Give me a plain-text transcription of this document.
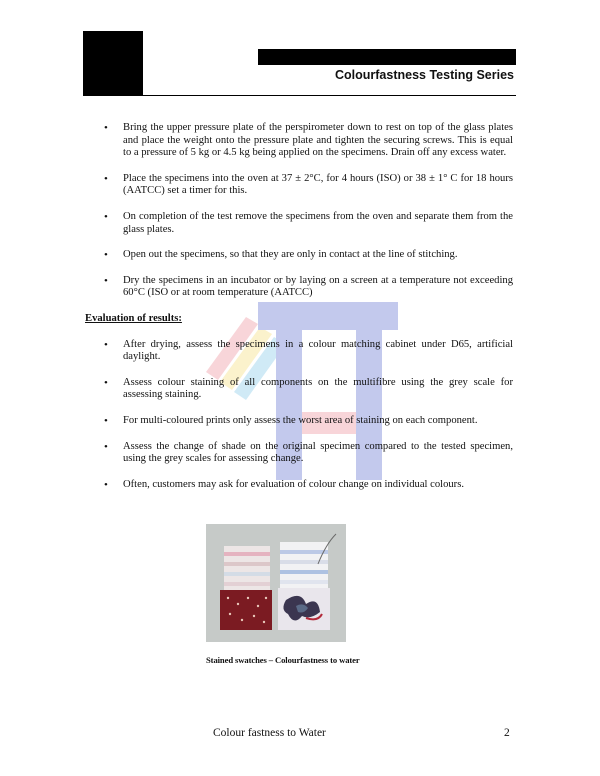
Colourfastness Testing Series
• Bring the upper pressure plate of the perspirometer down to rest on top of the glass plates and place the weight onto the pressure plate and tighten the securing screws. This is equal to a pressure of 5 kg or 4.5 kg being applied on the specimens. Drain off any excess water.
• Place the specimens into the oven at 37 ± 2°C, for 4 hours (ISO) or 38 ± 1° C for 18 hours (AATCC) set a timer for this.
• On completion of the test remove the specimens from the oven and separate them from the glass plates.
• Open out the specimens, so that they are only in contact at the line of stitching.
• Dry the specimens in an incubator or by laying on a screen at a temperature not exceeding 60°C (ISO or at room temperature (AATCC)
Evaluation of results:
• After drying, assess the specimens in a colour matching cabinet under D65, artificial daylight.
• Assess colour staining of all components on the multifibre using the grey scale for assessing staining.
• For multi-coloured prints only assess the worst area of staining on each component.
• Assess the change of shade on the original specimen compared to the tested specimen, using the grey scales for assessing change.
• Often, customers may ask for evaluation of colour change on individual colours.
Stained swatches – Colourfastness to water
Colour fastness to Water	2
